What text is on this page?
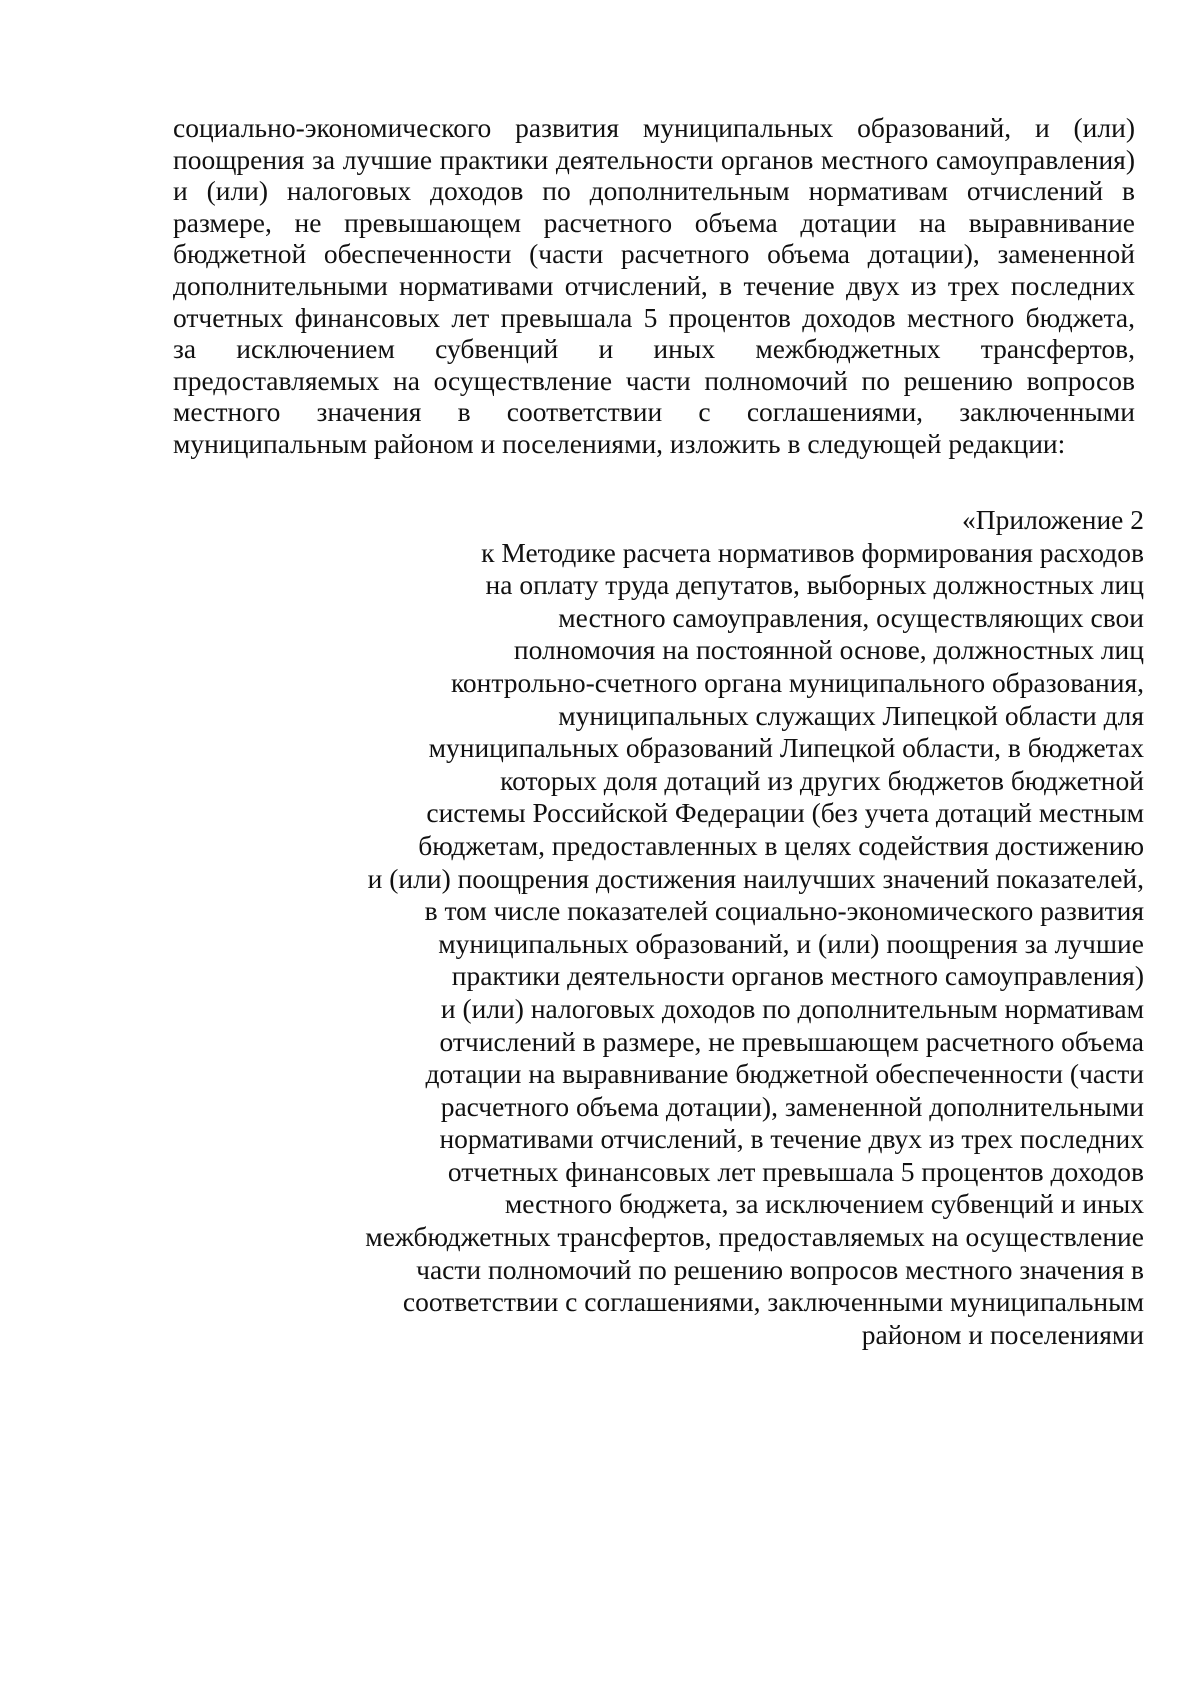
социально-экономического развития муниципальных образований, и (или)
поощрения за лучшие практики деятельности органов местного самоуправления)
и (или) налоговых доходов по дополнительным нормативам отчислений в
размере, не превышающем расчетного объема дотации на выравнивание
бюджетной обеспеченности (части расчетного объема дотации), замененной
дополнительными нормативами отчислений, в течение двух из трех последних
отчетных финансовых лет превышала 5 процентов доходов местного бюджета,
за исключением субвенций и иных межбюджетных трансфертов,
предоставляемых на осуществление части полномочий по решению вопросов
местного значения в соответствии с соглашениями, заключенными
муниципальным районом и поселениями, изложить в следующей редакции:
«Приложение 2
к Методике расчета нормативов формирования расходов
на оплату труда депутатов, выборных должностных лиц
местного самоуправления, осуществляющих свои
полномочия на постоянной основе, должностных лиц
контрольно-счетного органа муниципального образования,
муниципальных служащих Липецкой области для
муниципальных образований Липецкой области, в бюджетах
которых доля дотаций из других бюджетов бюджетной
системы Российской Федерации (без учета дотаций местным
бюджетам, предоставленных в целях содействия достижению
и (или) поощрения достижения наилучших значений показателей,
в том числе показателей социально-экономического развития
муниципальных образований, и (или) поощрения за лучшие
практики деятельности органов местного самоуправления)
и (или) налоговых доходов по дополнительным нормативам
отчислений в размере, не превышающем расчетного объема
дотации на выравнивание бюджетной обеспеченности (части
расчетного объема дотации), замененной дополнительными
нормативами отчислений, в течение двух из трех последних
отчетных финансовых лет превышала 5 процентов доходов
местного бюджета, за исключением субвенций и иных
межбюджетных трансфертов, предоставляемых на осуществление
части полномочий по решению вопросов местного значения в
соответствии с соглашениями, заключенными муниципальным
районом и поселениями
